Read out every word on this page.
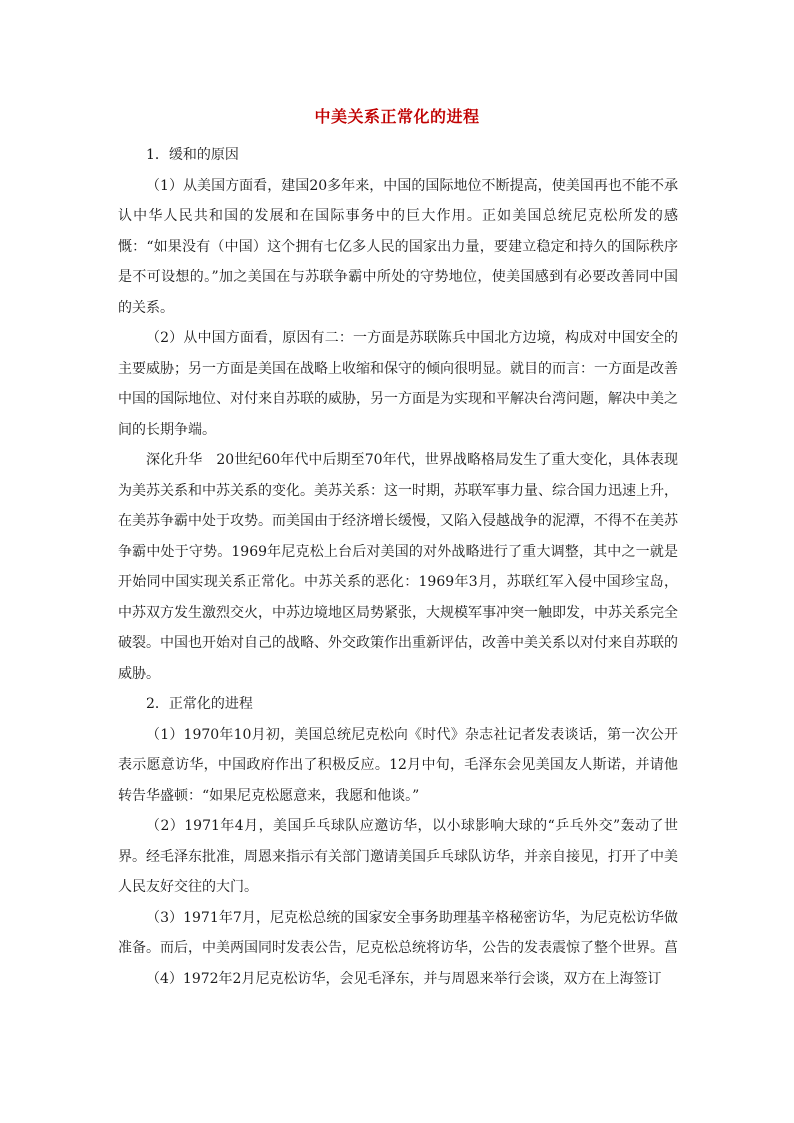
中美关系正常化的进程

1．缓和的原因

（1）从美国方面看，建国20多年来，中国的国际地位不断提高，使美国再也不能不承认中华人民共和国的发展和在国际事务中的巨大作用。正如美国总统尼克松所发的感慨：“如果没有（中国）这个拥有七亿多人民的国家出力量，要建立稳定和持久的国际秩序是不可设想的。”加之美国在与苏联争霸中所处的守势地位，使美国感到有必要改善同中国的关系。

（2）从中国方面看，原因有二：一方面是苏联陈兵中国北方边境，构成对中国安全的主要威胁；另一方面是美国在战略上收缩和保守的倾向很明显。就目的而言：一方面是改善中国的国际地位、对付来自苏联的威胁，另一方面是为实现和平解决台湾问题，解决中美之间的长期争端。

深化升华　20世纪60年代中后期至70年代，世界战略格局发生了重大变化，具体表现为美苏关系和中苏关系的变化。美苏关系：这一时期，苏联军事力量、综合国力迅速上升，在美苏争霸中处于攻势。而美国由于经济增长缓慢，又陷入侵越战争的泥潭，不得不在美苏争霸中处于守势。1969年尼克松上台后对美国的对外战略进行了重大调整，其中之一就是开始同中国实现关系正常化。中苏关系的恶化：1969年3月，苏联红军入侵中国珍宝岛，中苏双方发生激烈交火，中苏边境地区局势紧张，大规模军事冲突一触即发，中苏关系完全破裂。中国也开始对自己的战略、外交政策作出重新评估，改善中美关系以对付来自苏联的威胁。

2．正常化的进程

（1）1970年10月初，美国总统尼克松向《时代》杂志社记者发表谈话，第一次公开表示愿意访华，中国政府作出了积极反应。12月中旬，毛泽东会见美国友人斯诺，并请他转告华盛顿：“如果尼克松愿意来，我愿和他谈。”

（2）1971年4月，美国乒乓球队应邀访华，以小球影响大球的“乒乓外交”轰动了世界。经毛泽东批准，周恩来指示有关部门邀请美国乒乓球队访华，并亲自接见，打开了中美人民友好交往的大门。

（3）1971年7月，尼克松总统的国家安全事务助理基辛格秘密访华，为尼克松访华做准备。而后，中美两国同时发表公告，尼克松总统将访华，公告的发表震惊了整个世界。菖

（4）1972年2月尼克松访华，会见毛泽东，并与周恩来举行会谈，双方在上海签订
